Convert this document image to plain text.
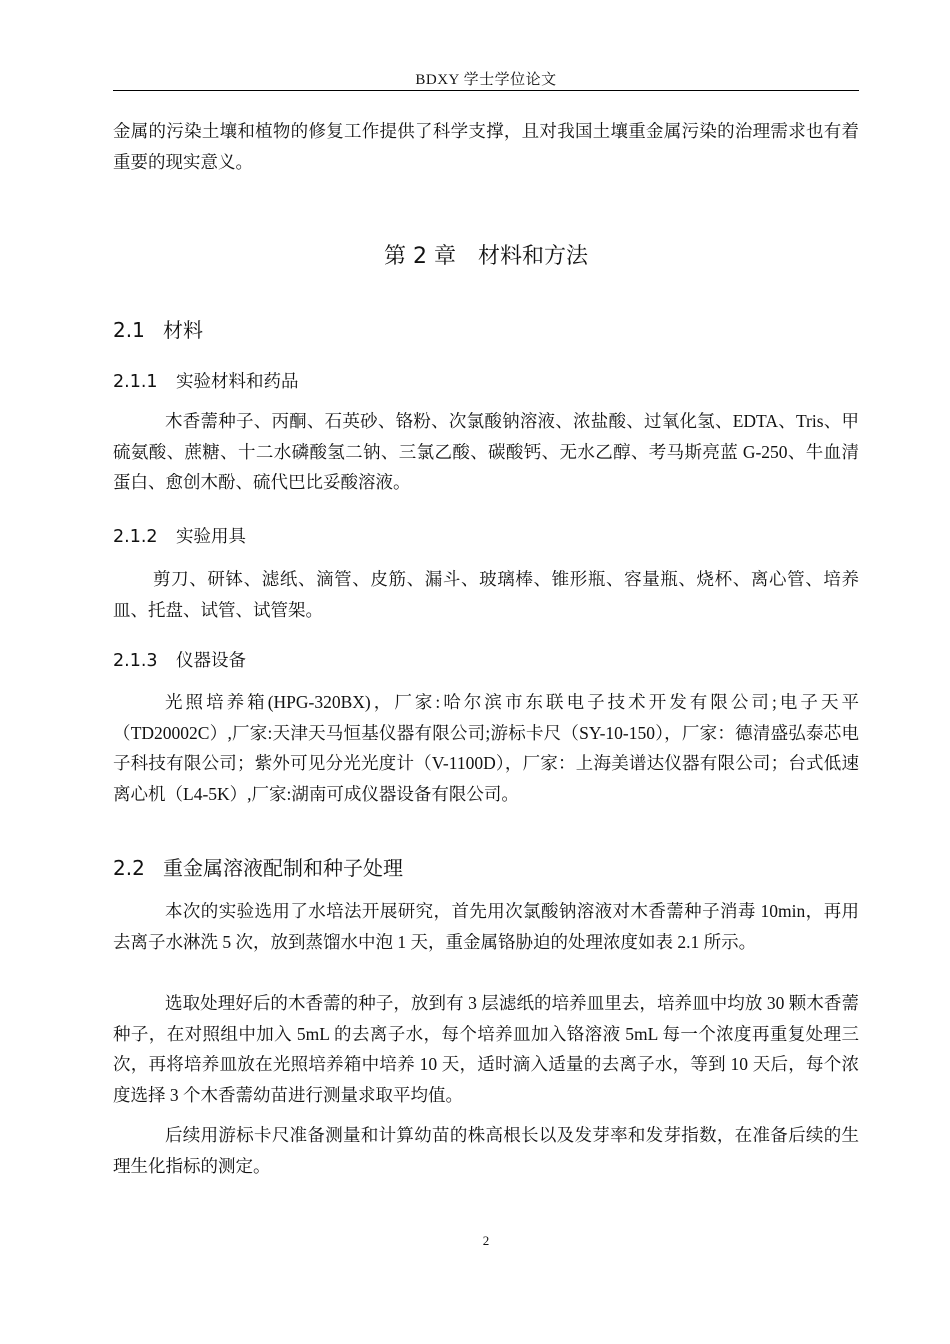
BDXY 学士学位论文

金属的污染土壤和植物的修复工作提供了科学支撑，且对我国土壤重金属污染的治理需求也有着重要的现实意义。

第 2 章 材料和方法
2.1 材料
2.1.1 实验材料和药品

木香薷种子、丙酮、石英砂、铬粉、次氯酸钠溶液、浓盐酸、过氧化氢、EDTA、Tris、甲硫氨酸、蔗糖、十二水磷酸氢二钠、三氯乙酸、碳酸钙、无水乙醇、考马斯亮蓝 G-250、牛血清蛋白、愈创木酚、硫代巴比妥酸溶液。

2.1.2 实验用具

剪刀、研钵、滤纸、滴管、皮筋、漏斗、玻璃棒、锥形瓶、容量瓶、烧杯、离心管、培养皿、托盘、试管、试管架。

2.1.3 仪器设备

光照培养箱(HPG-320BX)，厂家:哈尔滨市东联电子技术开发有限公司;电子天平（TD20002C）,厂家:天津天马恒基仪器有限公司;游标卡尺（SY-10-150），厂家：德清盛弘泰芯电子科技有限公司；紫外可见分光光度计（V-1100D），厂家：上海美谱达仪器有限公司；台式低速离心机（L4-5K）,厂家:湖南可成仪器设备有限公司。

2.2 重金属溶液配制和种子处理

本次的实验选用了水培法开展研究，首先用次氯酸钠溶液对木香薷种子消毒 10min，再用去离子水淋洗 5 次，放到蒸馏水中泡 1 天，重金属铬胁迫的处理浓度如表 2.1 所示。

选取处理好后的木香薷的种子，放到有 3 层滤纸的培养皿里去，培养皿中均放 30 颗木香薷种子，在对照组中加入 5mL 的去离子水，每个培养皿加入铬溶液 5mL 每一个浓度再重复处理三次，再将培养皿放在光照培养箱中培养 10 天，适时滴入适量的去离子水，等到 10 天后，每个浓度选择 3 个木香薷幼苗进行测量求取平均值。

后续用游标卡尺准备测量和计算幼苗的株高根长以及发芽率和发芽指数，在准备后续的生理生化指标的测定。

2
